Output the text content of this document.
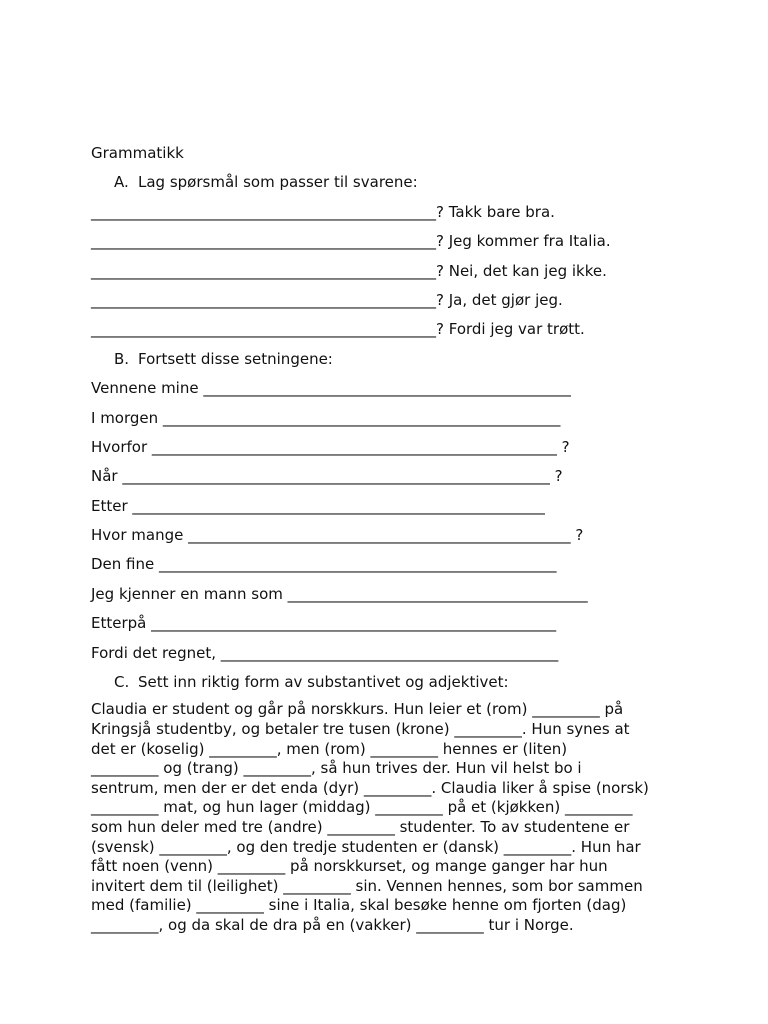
Grammatikk
A. Lag spørsmål som passer til svarene:
______________________________________________? Takk bare bra.
______________________________________________? Jeg kommer fra Italia.
______________________________________________? Nei, det kan jeg ikke.
______________________________________________? Ja, det gjør jeg.
______________________________________________? Fordi jeg var trøtt.
B. Fortsett disse setningene:
Vennene mine _________________________________________________
I morgen _____________________________________________________
Hvorfor ______________________________________________________ ?
Når _________________________________________________________ ?
Etter _______________________________________________________
Hvor mange ___________________________________________________ ?
Den fine _____________________________________________________
Jeg kjenner en mann som ________________________________________
Etterpå ______________________________________________________
Fordi det regnet, _____________________________________________
C. Sett inn riktig form av substantivet og adjektivet:
Claudia er student og går på norskkurs. Hun leier et (rom) _________ på
Kringsjå studentby, og betaler tre tusen (krone) _________. Hun synes at
det er (koselig) _________, men (rom) _________ hennes er (liten)
_________ og (trang) _________, så hun trives der. Hun vil helst bo i
sentrum, men der er det enda (dyr) _________. Claudia liker å spise (norsk)
_________ mat, og hun lager (middag) _________ på et (kjøkken) _________
som hun deler med tre (andre) _________ studenter. To av studentene er
(svensk) _________, og den tredje studenten er (dansk) _________. Hun har
fått noen (venn) _________ på norskkurset, og mange ganger har hun
invitert dem til (leilighet) _________ sin. Vennen hennes, som bor sammen
med (familie) _________ sine i Italia, skal besøke henne om fjorten (dag)
_________, og da skal de dra på en (vakker) _________ tur i Norge.
